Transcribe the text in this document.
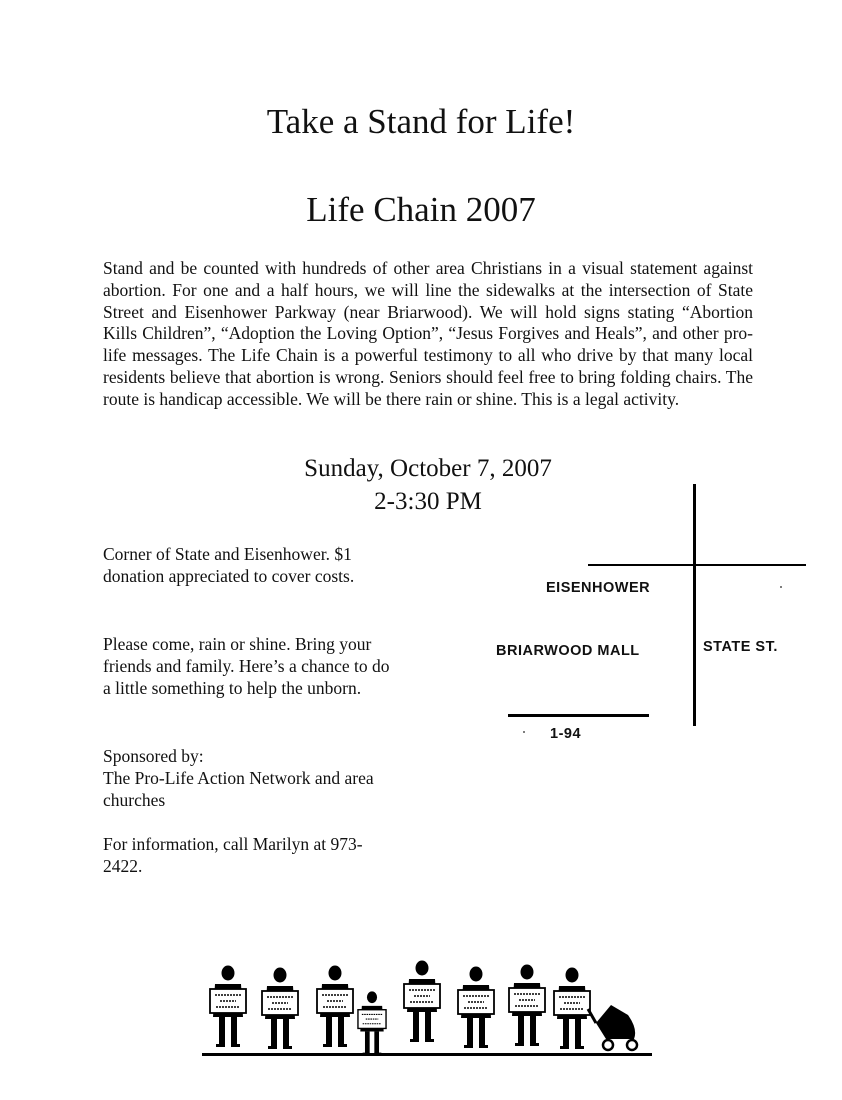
Take a Stand for Life!
Life Chain 2007

Stand and be counted with hundreds of other area Christians in a visual statement against abortion. For one and a half hours, we will line the sidewalks at the intersection of State Street and Eisenhower Parkway (near Briarwood). We will hold signs stating “Abortion Kills Children”, “Adoption the Loving Option”, “Jesus Forgives and Heals”, and other pro-life messages. The Life Chain is a powerful testimony to all who drive by that many local residents believe that abortion is wrong. Seniors should feel free to bring folding chairs. The route is handicap accessible. We will be there rain or shine. This is a legal activity.

Sunday, October 7, 2007

2-3:30 PM

Corner of State and Eisenhower. $1 donation appreciated to cover costs.

Please come, rain or shine. Bring your friends and family. Here’s a chance to do a little something to help the unborn.

Sponsored by:

The Pro-Life Action Network and area churches

For information, call Marilyn at 973-2422.

EISENHOWER
BRIARWOOD MALL	STATE ST.
1-94
